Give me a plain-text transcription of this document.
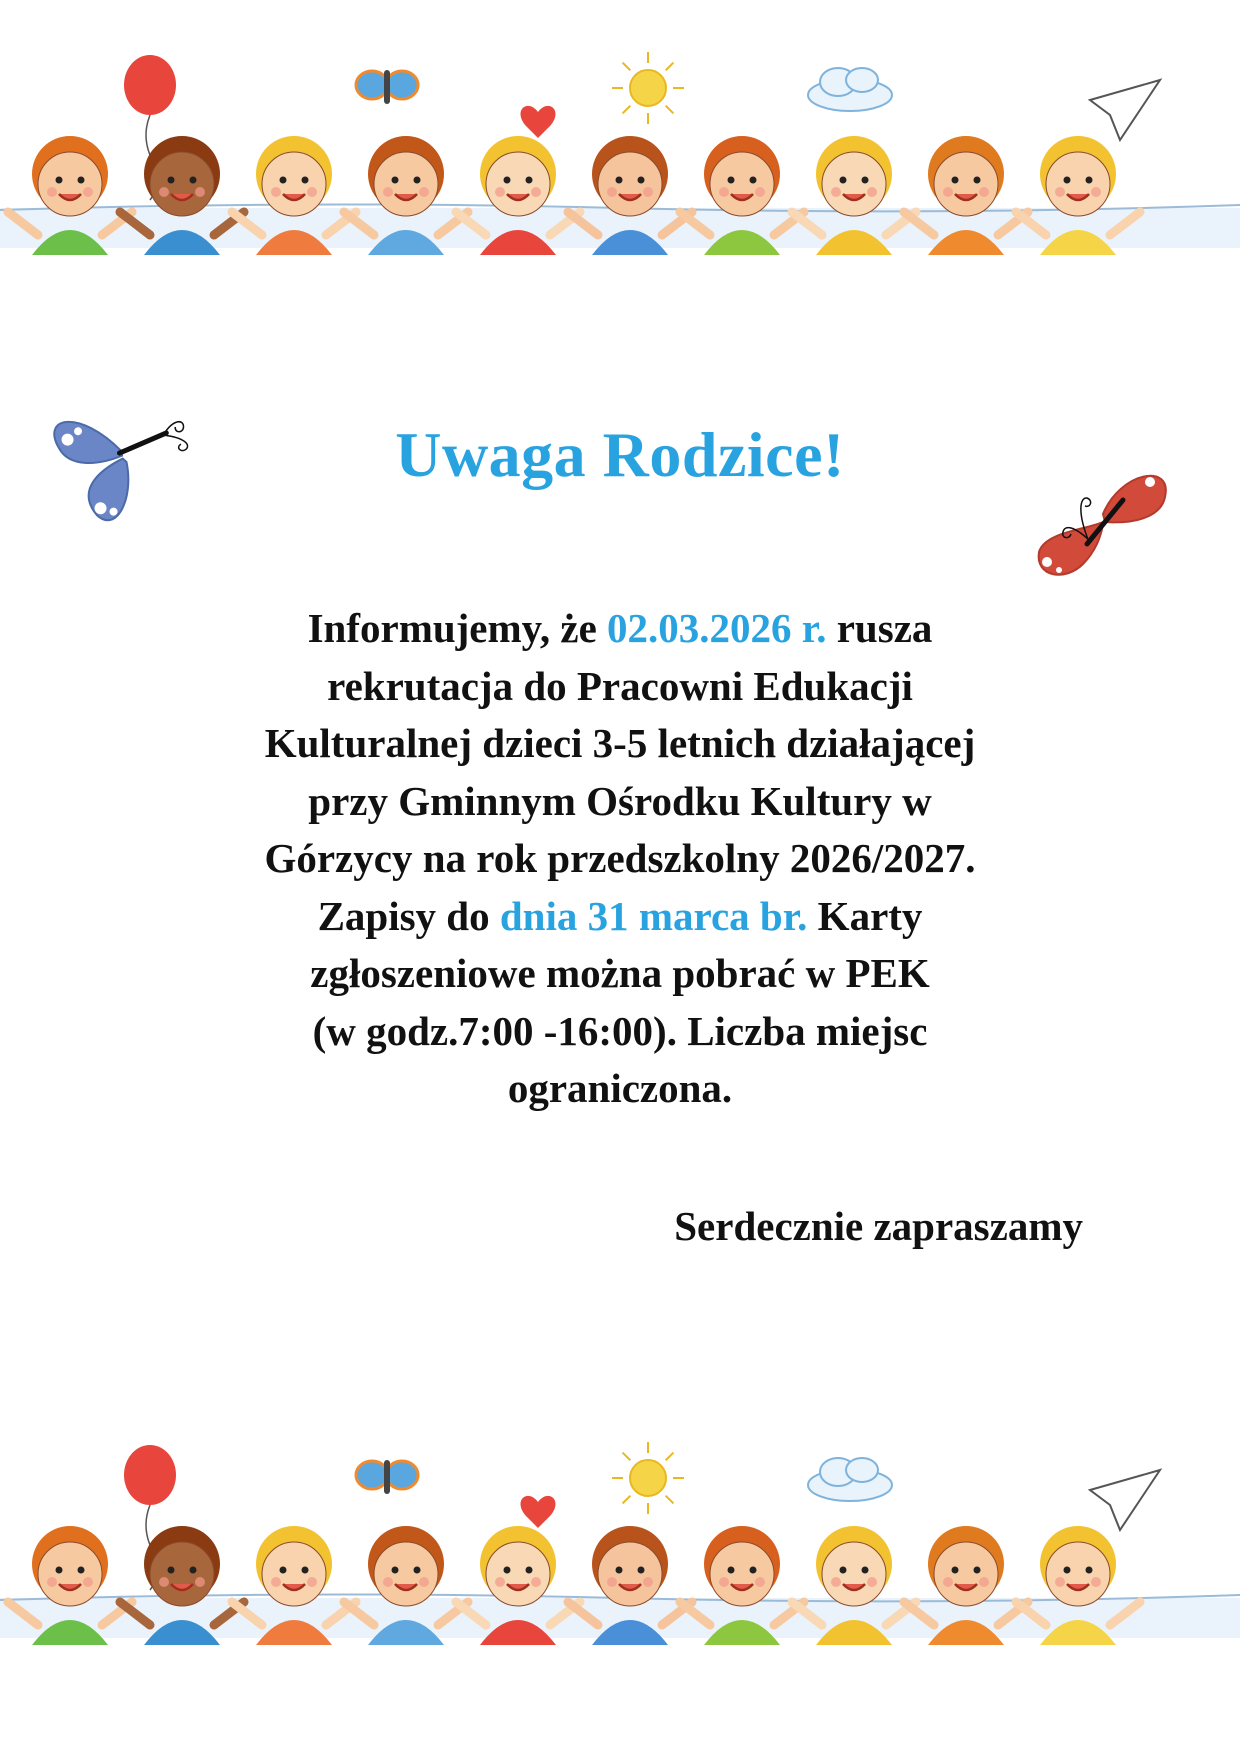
Uwaga Rodzice!
Informujemy, że 02.03.2026 r. rusza
rekrutacja do Pracowni Edukacji
Kulturalnej dzieci 3-5 letnich działającej
przy Gminnym Ośrodku Kultury w
Górzycy na rok przedszkolny 2026/2027.
Zapisy do dnia 31 marca br. Karty
zgłoszeniowe można pobrać w PEK
(w godz.7:00 -16:00). Liczba miejsc
ograniczona.
Serdecznie zapraszamy
